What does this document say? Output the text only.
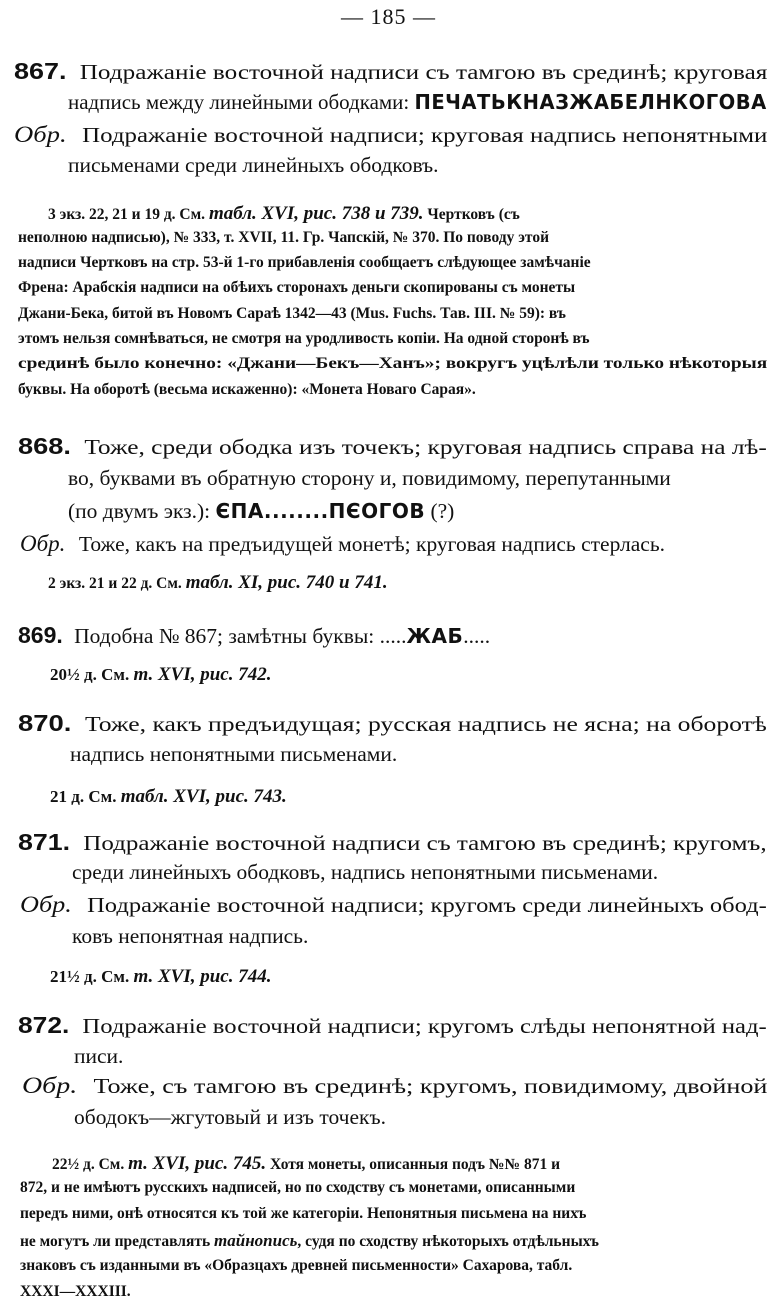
— 185 —
867. Подражаніе восточной надписи съ тамгою въ срединѣ; круговая
надпись между линейными ободками: ПЕЧАТЬКНАЗЖАБЕЛНКОГОВА
Обр. Подражаніе восточной надписи; круговая надпись непонятными
письменами среди линейныхъ ободковъ.
3 экз. 22, 21 и 19 д. См. табл. XVI, рис. 738 и 739. Чертковъ (съ
неполною надписью), № 333, т. XVII, 11. Гр. Чапскій, № 370. По поводу этой
надписи Чертковъ на стр. 53-й 1-го прибавленія сообщаетъ слѣдующее замѣчаніе
Френа: Арабскія надписи на обѣихъ сторонахъ деньги скопированы съ монеты
Джани-Бека, битой въ Новомъ Сараѣ 1342—43 (Mus. Fuchs. Тав. III. № 59): въ
этомъ нельзя сомнѣваться, не смотря на уродливость копіи. На одной сторонѣ въ
срединѣ было конечно: «Джани—Бекъ—Ханъ»; вокругъ уцѣлѣли только нѣкоторыя
буквы. На оборотѣ (весьма искаженно): «Монета Новаго Сарая».
868. Тоже, среди ободка изъ точекъ; круговая надпись справа на лѣ-
во, буквами въ обратную сторону и, повидимому, перепутанными
(по двумъ экз.): ЄПА........ПЄОГОВ (?)
Обр. Тоже, какъ на предъидущей монетѣ; круговая надпись стерлась.
2 экз. 21 и 22 д. См. табл. XI, рис. 740 и 741.
869. Подобна № 867; замѣтны буквы: .....ЖАБ.....
20½ д. См. т. XVI, рис. 742.
870. Тоже, какъ предъидущая; русская надпись не ясна; на оборотѣ
надпись непонятными письменами.
21 д. См. табл. XVI, рис. 743.
871. Подражаніе восточной надписи съ тамгою въ срединѣ; кругомъ,
среди линейныхъ ободковъ, надпись непонятными письменами.
Обр. Подражаніе восточной надписи; кругомъ среди линейныхъ обод-
ковъ непонятная надпись.
21½ д. См. т. XVI, рис. 744.
872. Подражаніе восточной надписи; кругомъ слѣды непонятной над-
писи.
Обр. Тоже, съ тамгою въ срединѣ; кругомъ, повидимому, двойной
ободокъ—жгутовый и изъ точекъ.
22½ д. См. т. XVI, рис. 745. Хотя монеты, описанныя подъ №№ 871 и
872, и не имѣютъ русскихъ надписей, но по сходству съ монетами, описанными
передъ ними, онѣ относятся къ той же категоріи. Непонятныя письмена на нихъ
не могутъ ли представлять тайнопись, судя по сходству нѣкоторыхъ отдѣльныхъ
знаковъ съ изданными въ «Образцахъ древней письменности» Сахарова, табл.
XXXI—XXXIII.
